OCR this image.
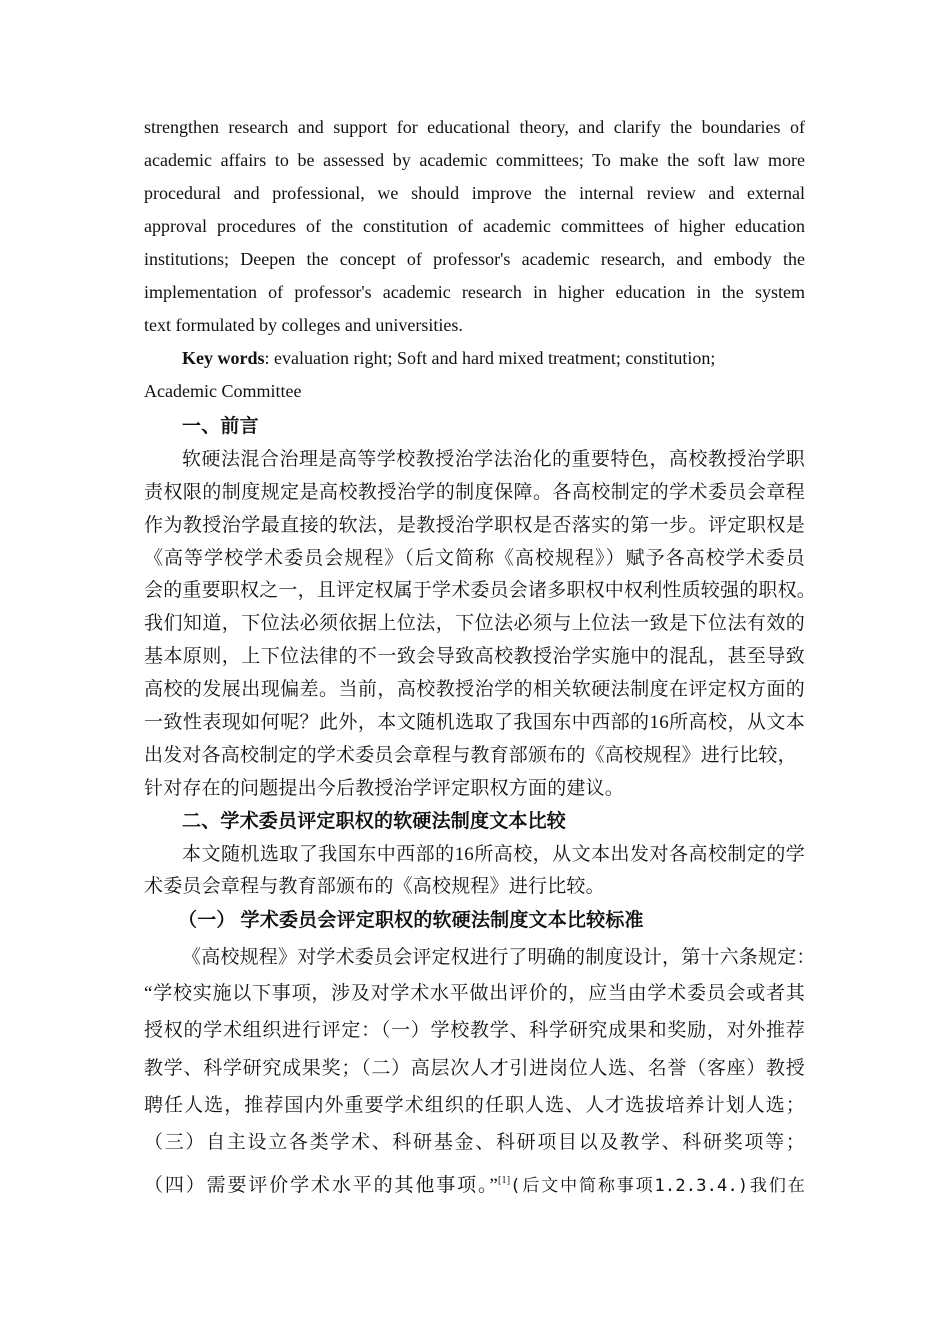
strengthen research and support for educational theory, and clarify the boundaries of
academic affairs to be assessed by academic committees; To make the soft law more
procedural and professional, we should improve the internal review and external
approval procedures of the constitution of academic committees of higher education
institutions; Deepen the concept of professor's academic research, and embody the
implementation of professor's academic research in higher education in the system
text formulated by colleges and universities.
Key words: evaluation right; Soft and hard mixed treatment; constitution;
Academic Committee
一、前言
软硬法混合治理是高等学校教授治学法治化的重要特色，高校教授治学职
责权限的制度规定是高校教授治学的制度保障。各高校制定的学术委员会章程
作为教授治学最直接的软法，是教授治学职权是否落实的第一步。评定职权是
《高等学校学术委员会规程》（后文简称《高校规程》）赋予各高校学术委员
会的重要职权之一，且评定权属于学术委员会诸多职权中权利性质较强的职权。
我们知道，下位法必须依据上位法，下位法必须与上位法一致是下位法有效的
基本原则，上下位法律的不一致会导致高校教授治学实施中的混乱，甚至导致
高校的发展出现偏差。当前，高校教授治学的相关软硬法制度在评定权方面的
一致性表现如何呢？此外，本文随机选取了我国东中西部的16所高校，从文本
出发对各高校制定的学术委员会章程与教育部颁布的《高校规程》进行比较，
针对存在的问题提出今后教授治学评定职权方面的建议。
二、学术委员评定职权的软硬法制度文本比较
本文随机选取了我国东中西部的16所高校，从文本出发对各高校制定的学
术委员会章程与教育部颁布的《高校规程》进行比较。
（一） 学术委员会评定职权的软硬法制度文本比较标准
《高校规程》对学术委员会评定权进行了明确的制度设计，第十六条规定：
“学校实施以下事项，涉及对学术水平做出评价的，应当由学术委员会或者其
授权的学术组织进行评定：（一）学校教学、科学研究成果和奖励，对外推荐
教学、科学研究成果奖；（二）高层次人才引进岗位人选、名誉（客座）教授
聘任人选，推荐国内外重要学术组织的任职人选、人才选拔培养计划人选；
（三）自主设立各类学术、科研基金、科研项目以及教学、科研奖项等；
（四）需要评价学术水平的其他事项。”[1](后文中简称事项1.2.3.4.)我们在
